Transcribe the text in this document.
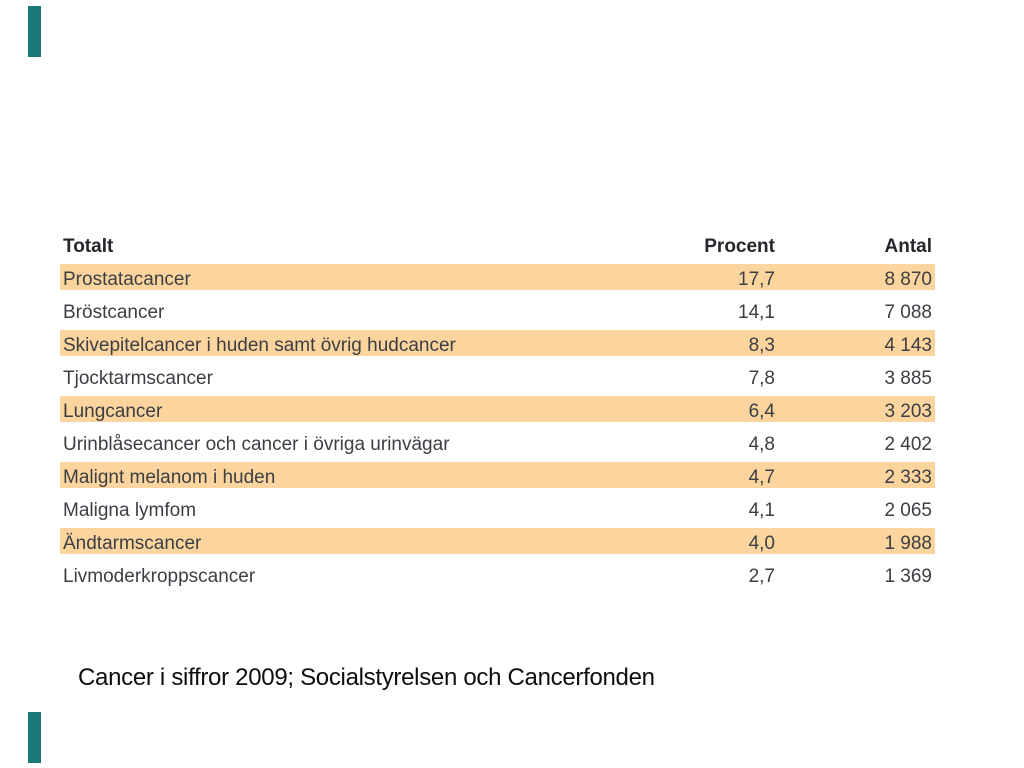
Totalt	Procent	Antal
Prostatacancer	17,7	8 870
Bröstcancer	14,1	7 088
Skivepitelcancer i huden samt övrig hudcancer	8,3	4 143
Tjocktarmscancer	7,8	3 885
Lungcancer	6,4	3 203
Urinblåsecancer och cancer i övriga urinvägar	4,8	2 402
Malignt melanom i huden	4,7	2 333
Maligna lymfom	4,1	2 065
Ändtarmscancer	4,0	1 988
Livmoderkroppscancer	2,7	1 369
Cancer i siffror 2009; Socialstyrelsen och Cancerfonden
